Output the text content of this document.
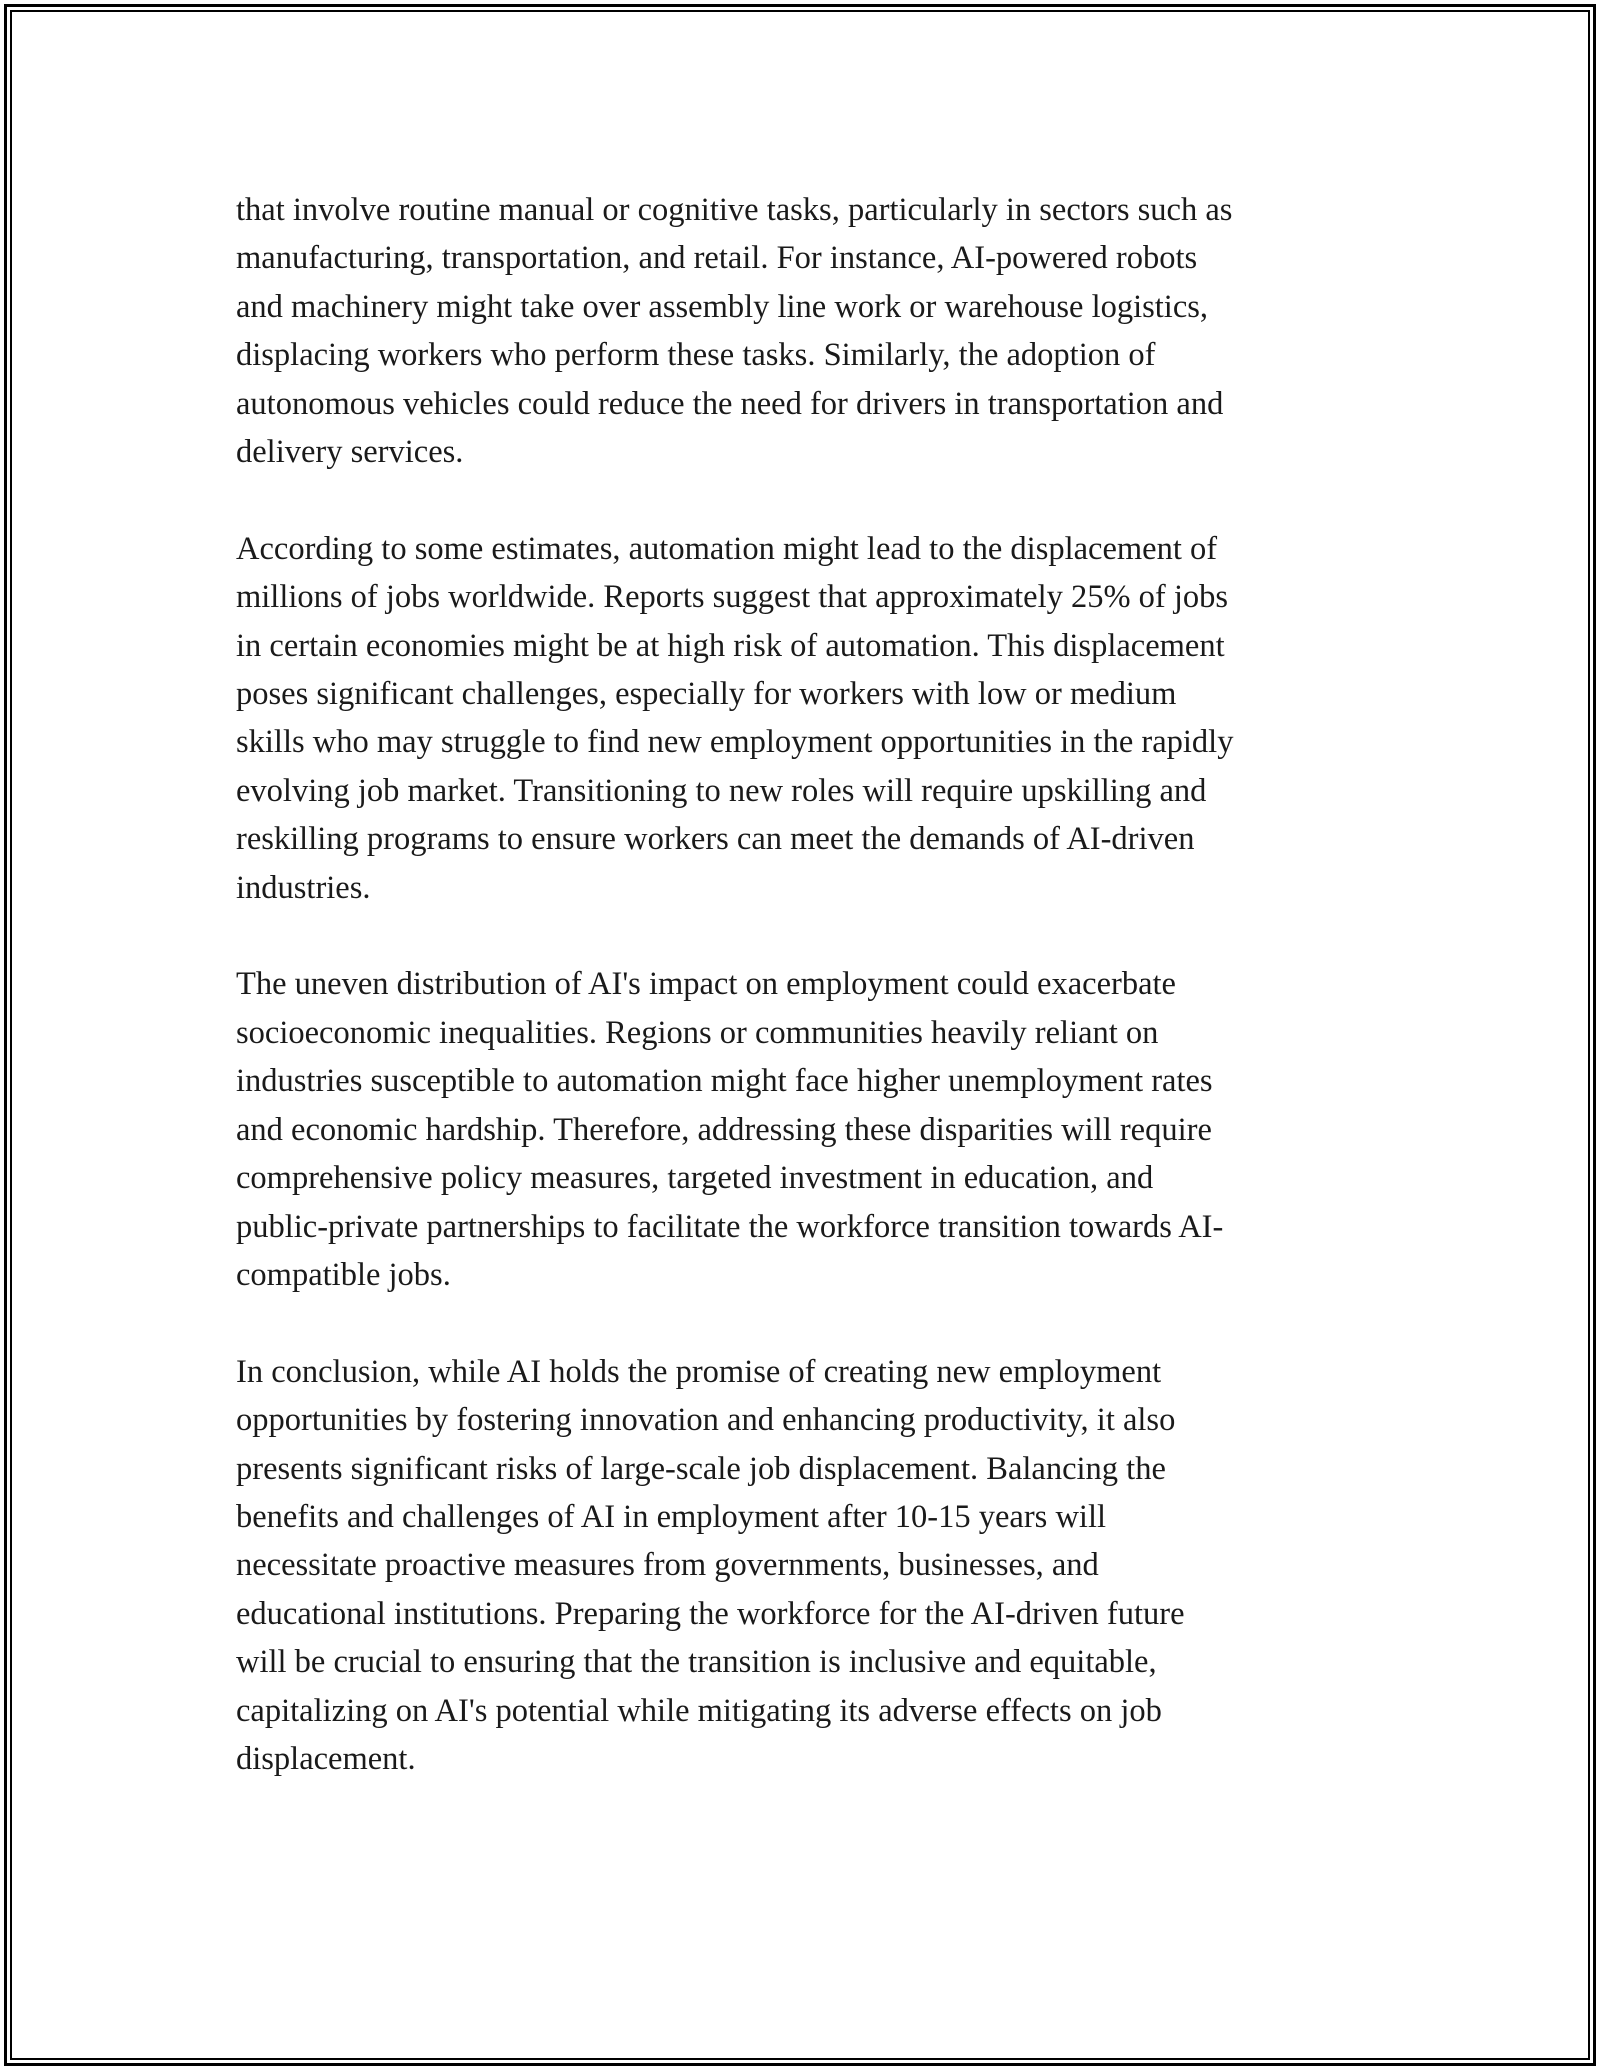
that involve routine manual or cognitive tasks, particularly in sectors such as
manufacturing, transportation, and retail. For instance, AI-powered robots
and machinery might take over assembly line work or warehouse logistics,
displacing workers who perform these tasks. Similarly, the adoption of
autonomous vehicles could reduce the need for drivers in transportation and
delivery services.

According to some estimates, automation might lead to the displacement of
millions of jobs worldwide. Reports suggest that approximately 25% of jobs
in certain economies might be at high risk of automation. This displacement
poses significant challenges, especially for workers with low or medium
skills who may struggle to find new employment opportunities in the rapidly
evolving job market. Transitioning to new roles will require upskilling and
reskilling programs to ensure workers can meet the demands of AI-driven
industries.

The uneven distribution of AI's impact on employment could exacerbate
socioeconomic inequalities. Regions or communities heavily reliant on
industries susceptible to automation might face higher unemployment rates
and economic hardship. Therefore, addressing these disparities will require
comprehensive policy measures, targeted investment in education, and
public-private partnerships to facilitate the workforce transition towards AI-
compatible jobs.

In conclusion, while AI holds the promise of creating new employment
opportunities by fostering innovation and enhancing productivity, it also
presents significant risks of large-scale job displacement. Balancing the
benefits and challenges of AI in employment after 10-15 years will
necessitate proactive measures from governments, businesses, and
educational institutions. Preparing the workforce for the AI-driven future
will be crucial to ensuring that the transition is inclusive and equitable,
capitalizing on AI's potential while mitigating its adverse effects on job
displacement.
